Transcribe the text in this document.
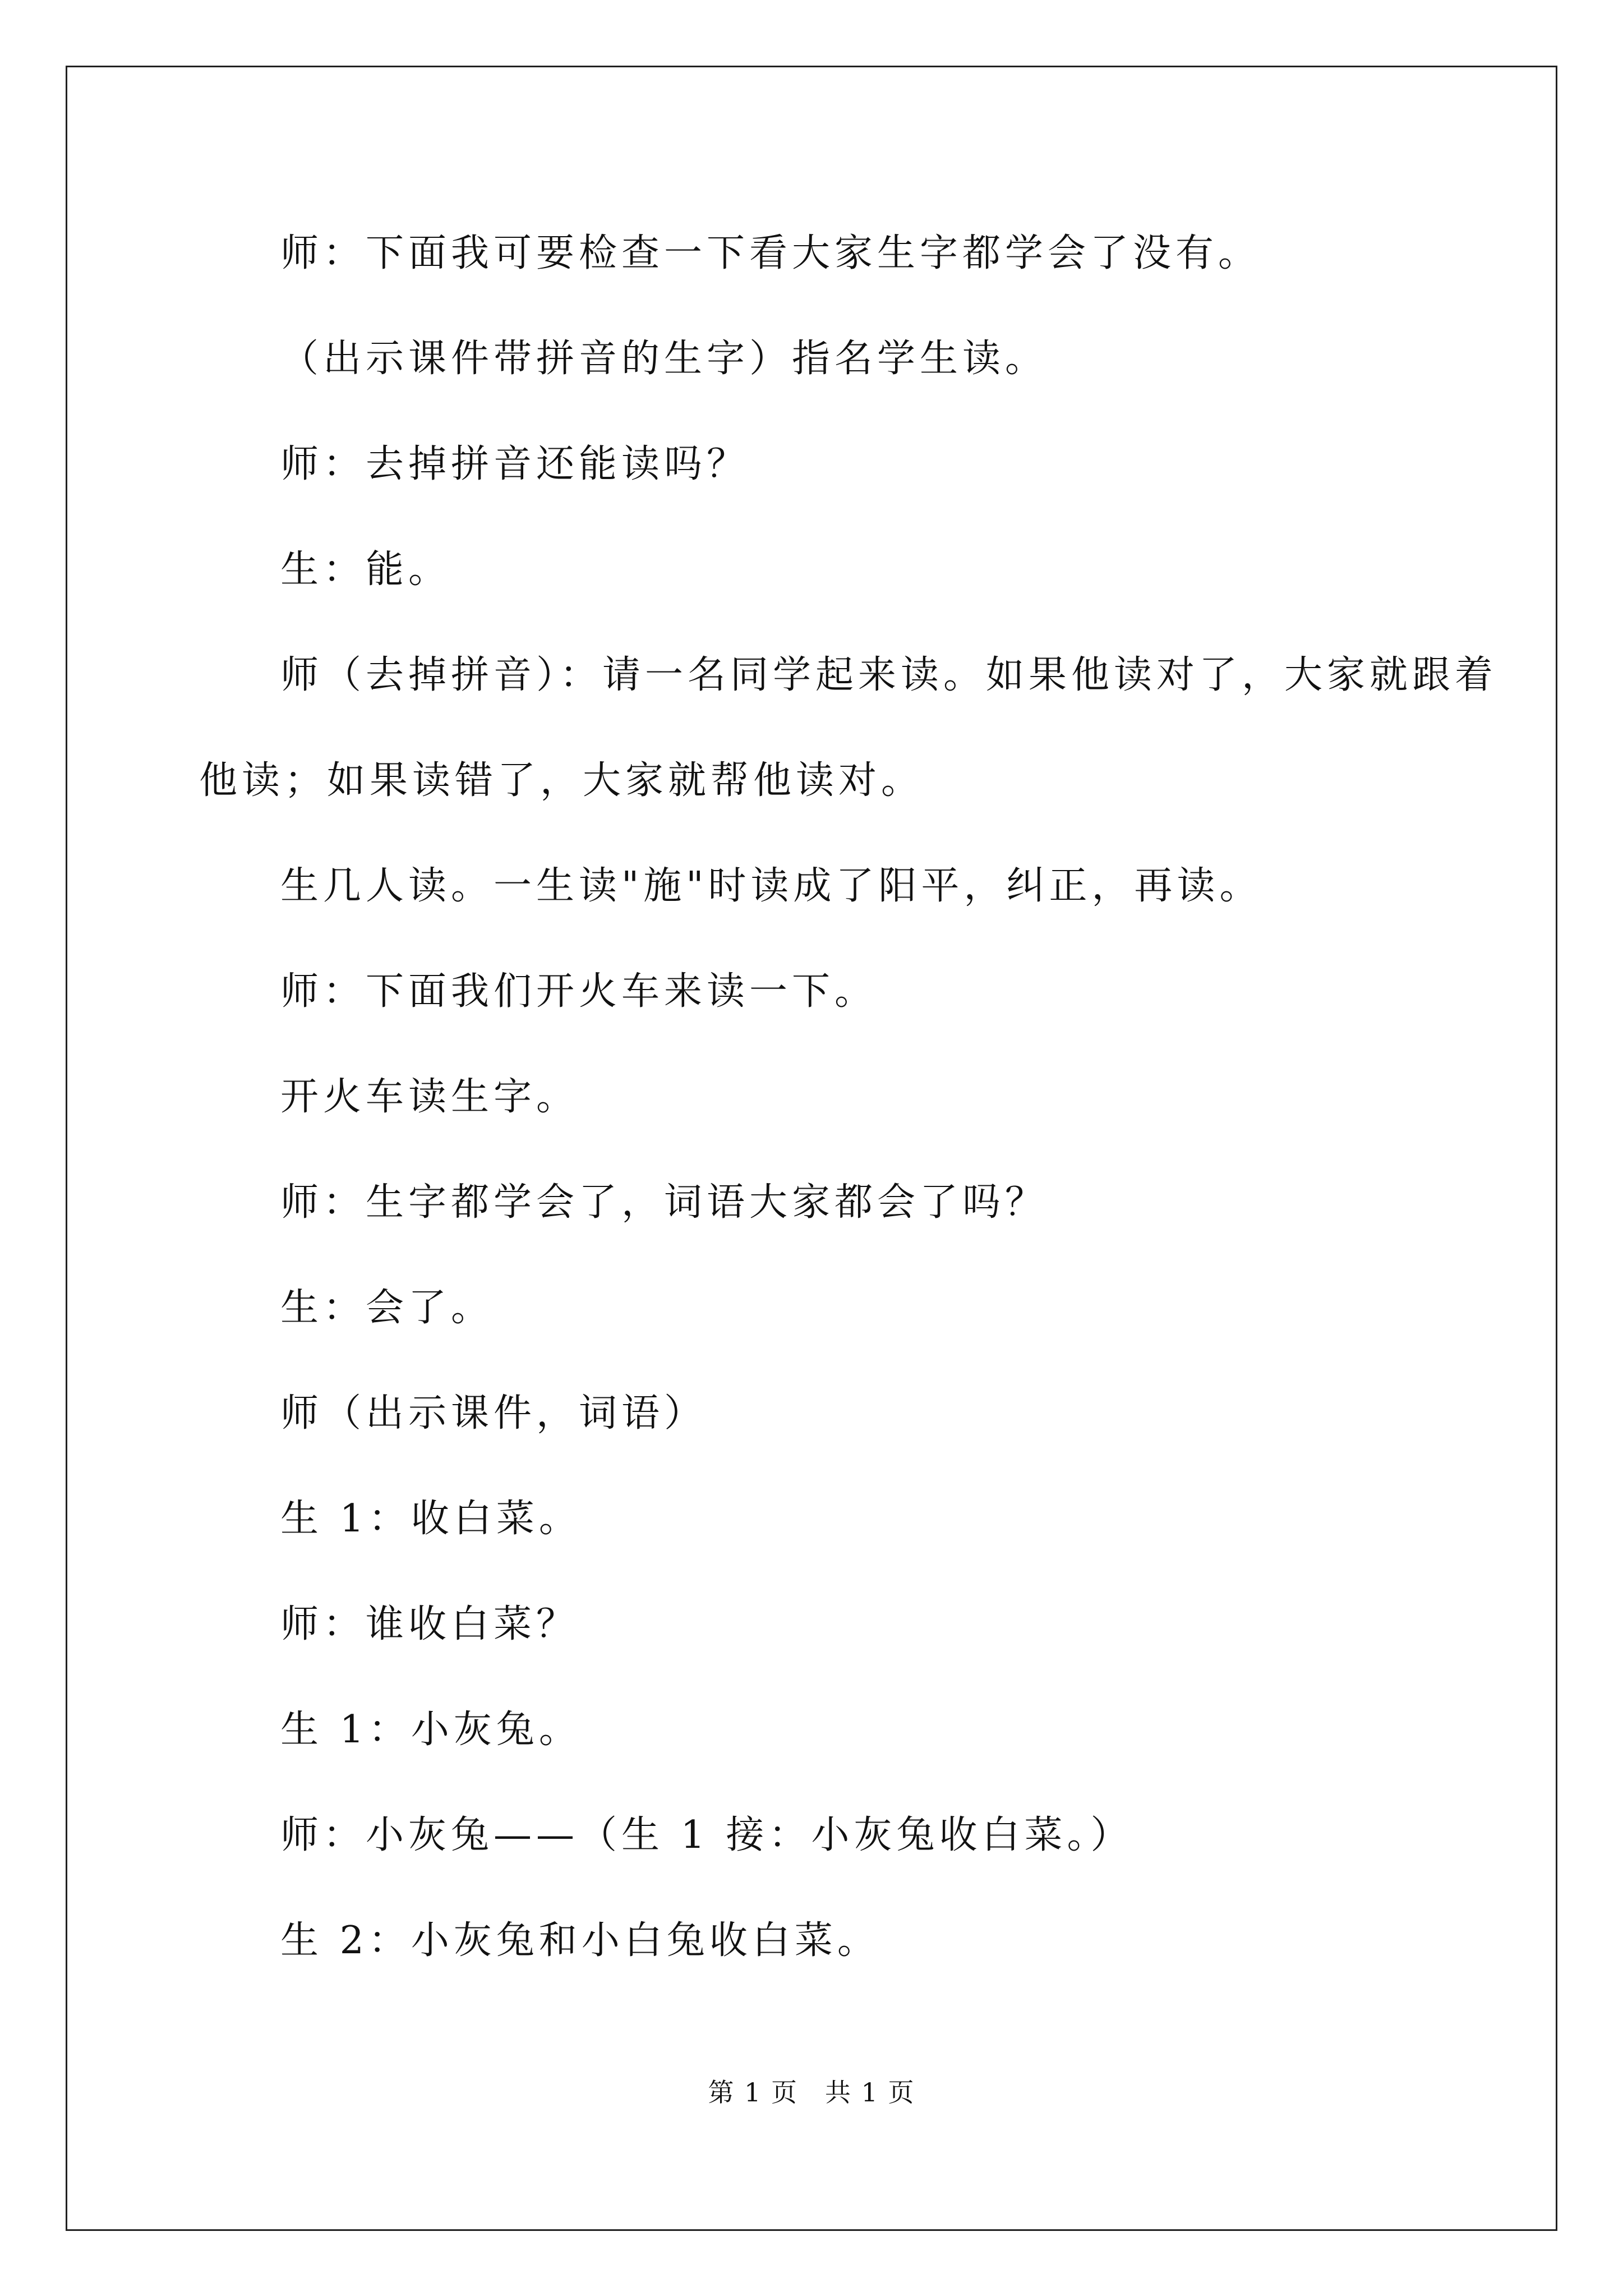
师：下面我可要检查一下看大家生字都学会了没有。
（出示课件带拼音的生字）指名学生读。
师：去掉拼音还能读吗？
生：能。
师（去掉拼音）：请一名同学起来读。如果他读对了，大家就跟着
他读；如果读错了，大家就帮他读对。
生几人读。一生读"施"时读成了阳平，纠正，再读。
师：下面我们开火车来读一下。
开火车读生字。
师：生字都学会了，词语大家都会了吗？
生：会了。
师（出示课件，词语）
生 1：收白菜。
师：谁收白菜？
生 1：小灰兔。
师：小灰兔——（生 1 接：小灰兔收白菜。）
生 2：小灰兔和小白兔收白菜。
第 1 页　共 1 页
